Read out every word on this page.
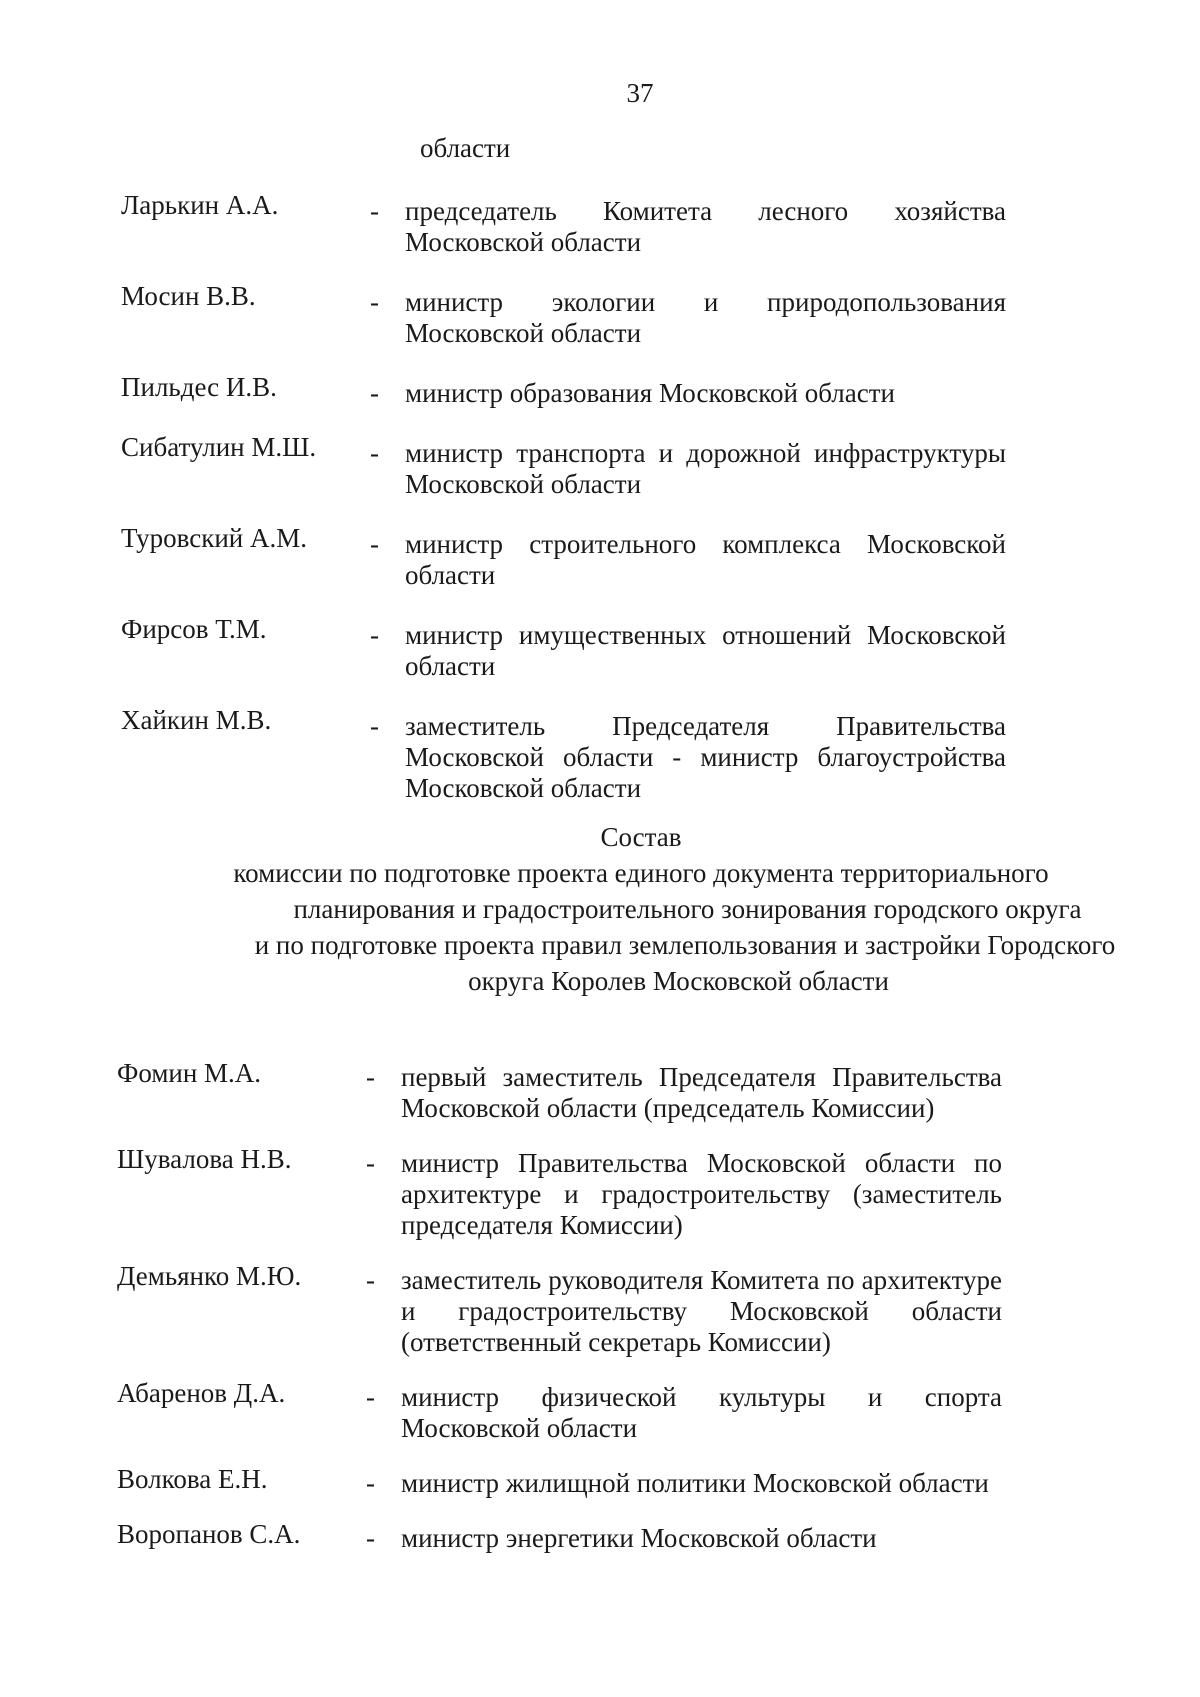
37
области
Ларькин А.А.	- председатель Комитета лесного хозяйства Московской области
Мосин В.В.	- министр экологии и природопользования Московской области
Пильдес И.В.	- министр образования Московской области
Сибатулин М.Ш.	- министр транспорта и дорожной инфраструктуры Московской области
Туровский А.М.	- министр строительного комплекса Московской области
Фирсов Т.М.	- министр имущественных отношений Московской области
Хайкин М.В.	- заместитель Председателя Правительства Московской области - министр благоустройства Московской области
Состав
комиссии по подготовке проекта единого документа территориального
планирования и градостроительного зонирования городского округа
и по подготовке проекта правил землепользования и застройки Городского
округа Королев Московской области
Фомин М.А.	- первый заместитель Председателя Правительства Московской области (председатель Комиссии)
Шувалова Н.В.	- министр Правительства Московской области по архитектуре и градостроительству (заместитель председателя Комиссии)
Демьянко М.Ю.	- заместитель руководителя Комитета по архитектуре и градостроительству Московской области (ответственный секретарь Комиссии)
Абаренов Д.А.	- министр физической культуры и спорта Московской области
Волкова Е.Н.	- министр жилищной политики Московской области
Воропанов С.А.	- министр энергетики Московской области
